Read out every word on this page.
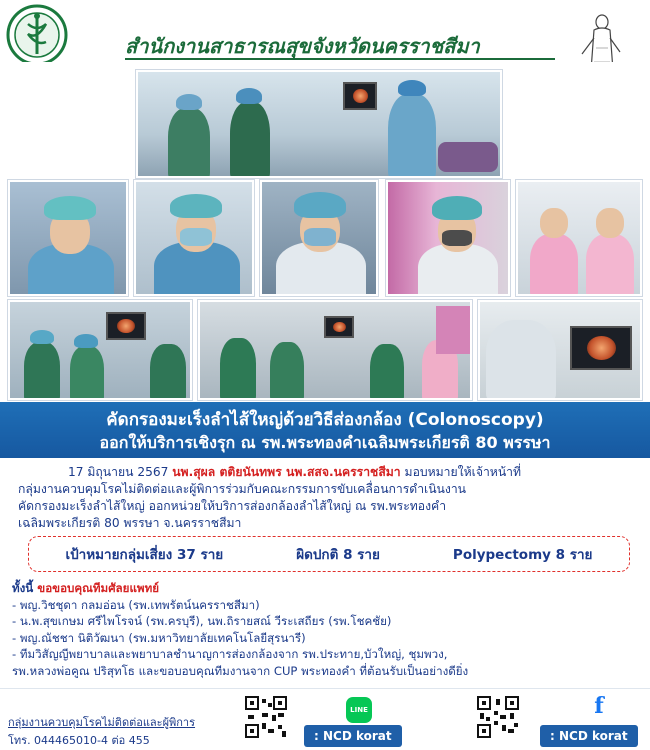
สำนักงานสาธารณสุขจังหวัดนครราชสีมา
คัดกรองมะเร็งลำไส้ใหญ่ด้วยวิธีส่องกล้อง (Colonoscopy)
ออกให้บริการเชิงรุก ณ รพ.พระทองคำเฉลิมพระเกียรติ 80 พรรษา
17 มิถุนายน 2567 นพ.สุผล ตติยนันทพร นพ.สสจ.นครราชสีมา มอบหมายให้เจ้าหน้าที่
กลุ่มงานควบคุมโรคไม่ติดต่อและผู้พิการร่วมกับคณะกรรมการขับเคลื่อนการดำเนินงาน
คัดกรองมะเร็งลำไส้ใหญ่ ออกหน่วยให้บริการส่องกล้องลำไส้ใหญ่ ณ รพ.พระทองคำ
เฉลิมพระเกียรติ 80 พรรษา จ.นครราชสีมา
เป้าหมายกลุ่มเสี่ยง 37 ราย	ผิดปกติ 8 ราย	Polypectomy 8 ราย
ทั้งนี้ ขอขอบคุณทีมศัลยแพทย์
- พญ.วิชชุดา กลมอ่อน (รพ.เทพรัตน์นครราชสีมา)
- น.พ.สุขเกษม ศรีไพโรจน์ (รพ.ครบุรี), นพ.ถิรายสณ์ วีระเสถียร (รพ.โชคชัย)
- พญ.ณัชชา นิติวัฒนา (รพ.มหาวิทยาลัยเทคโนโลยีสุรนารี)
- ทีมวิสัญญีพยาบาลและพยาบาลชำนาญการส่องกล้องจาก รพ.ประทาย,บัวใหญ่, ชุมพวง,
รพ.หลวงพ่อคูณ ปริสุทโธ และขอบอบคุณทีมงานจาก CUP พระทองคำ ที่ต้อนรับเป็นอย่างดียิ่ง
กลุ่มงานควบคุมโรคไม่ติดต่อและผู้พิการ
โทร. 044465010-4 ต่อ 455
LINE
: NCD korat
f
: NCD korat
